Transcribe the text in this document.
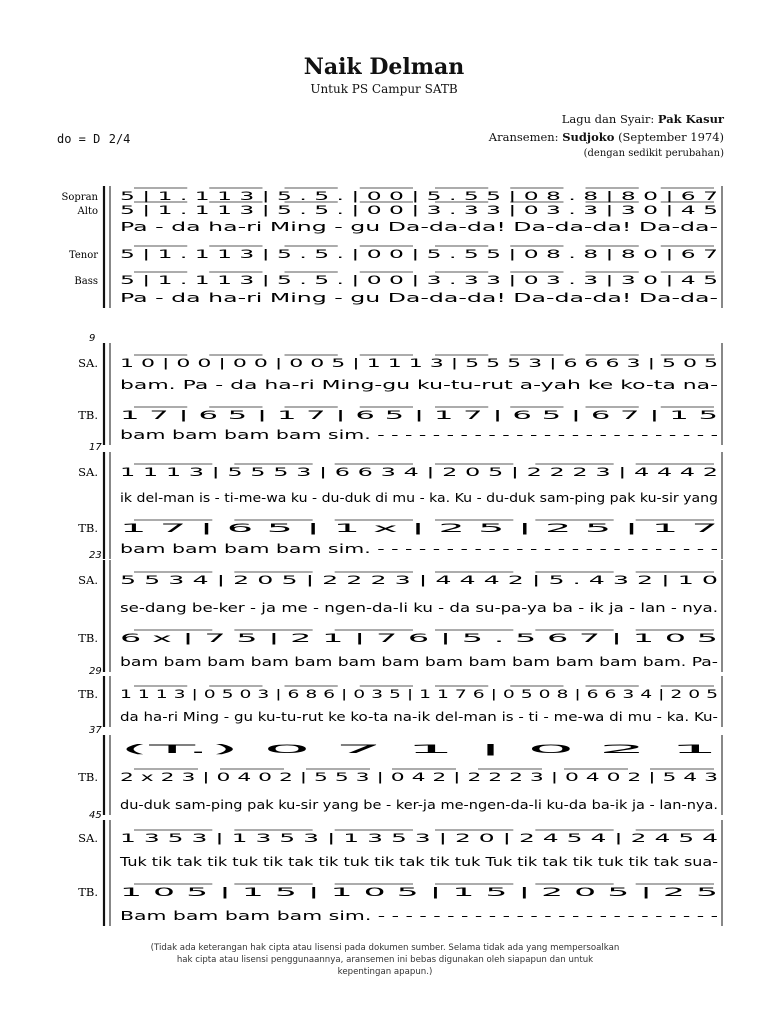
Naik Delman
Untuk PS Campur SATB
Lagu dan Syair: Pak Kasur
Aransemen: Sudjoko (September 1974)
(dengan sedikit perubahan)
do = D 2/4
Sopran 5 | 1 . 1 1 3 | 5 . 5 . | 0 0 | 5 . 5 5 | 0 8 . 8 | 8 0 | 6 7
Alto 5 | 1 . 1 1 3 | 5 . 5 . | 0 0 | 3 . 3 3 | 0 3 . 3 | 3 0 | 4 5
Pa - da ha-ri Ming - gu Da-da-da! Da-da-da! Da-da-
Tenor 5 | 1 . 1 1 3 | 5 . 5 . | 0 0 | 5 . 5 5 | 0 8 . 8 | 8 0 | 6 7
Bass 5 | 1 . 1 1 3 | 5 . 5 . | 0 0 | 3 . 3 3 | 0 3 . 3 | 3 0 | 4 5
Pa - da ha-ri Ming - gu Da-da-da! Da-da-da! Da-da-
9
SA. 1 0 | 0 0 | 0 0 | 0 0 5 | 1 1 1 3 | 5 5 5 3 | 6 6 6 3 | 5 0 5
bam. Pa - da ha-ri Ming-gu ku-tu-rut a-yah ke ko-ta na-
TB. 1 7 | 6 5 | 1 7 | 6 5 | 1 7 | 6 5 | 6 7 | 1 5
bam bam bam bam sim. - - - - - - - - - - - - - - - - - - - - - - - - -
17
SA. 1 1 1 3 | 5 5 5 3 | 6 6 3 4 | 2 0 5 | 2 2 2 3 | 4 4 4 2
ik del-man is - ti-me-wa ku - du-duk di mu - ka. Ku - du-duk sam-ping pak ku-sir yang
TB. 1 7 | 6 5 | 1 x | 2 5 | 2 5 | 1 7
bam bam bam bam sim. - - - - - - - - - - - - - - - - - - - - - - - - -
23
SA. 5 5 3 4 | 2 0 5 | 2 2 2 3 | 4 4 4 2 | 5 . 4 3 2 | 1 0
se-dang be-ker - ja me - ngen-da-li ku - da su-pa-ya ba - ik ja - lan - nya.
TB. 6 x | 7 5 | 2 1 | 7 6 | 5 . 5 6 7 | 1 0 5
bam bam bam bam bam bam bam bam bam bam bam bam bam. Pa-
29
TB. 1 1 1 3 | 0 5 0 3 | 6 8 6 | 0 3 5 | 1 1 7 6 | 0 5 0 8 | 6 6 3 4 | 2 0 5
da ha-ri Ming - gu ku-tu-rut ke ko-ta na-ik del-man is - ti - me-wa di mu - ka. Ku-
37
(T.) 0 7 1 | 0 2 1
TB. 2 x 2 3 | 0 4 0 2 | 5 5 3 | 0 4 2 | 2 2 2 3 | 0 4 0 2 | 5 4 3
du-duk sam-ping pak ku-sir yang be - ker-ja me-ngen-da-li ku-da ba-ik ja - lan-nya.
45
SA. 1 3 5 3 | 1 3 5 3 | 1 3 5 3 | 2 0 | 2 4 5 4 | 2 4 5 4
Tuk tik tak tik tuk tik tak tik tuk tik tak tik tuk Tuk tik tak tik tuk tik tak sua-
TB. 1 0 5 | 1 5 | 1 0 5 | 1 5 | 2 0 5 | 2 5
Bam bam bam bam sim. - - - - - - - - - - - - - - - - - - - - - - - - -
(Tidak ada keterangan hak cipta atau lisensi pada dokumen sumber. Selama tidak ada yang mempersoalkan hak cipta atau lisensi penggunaannya, aransemen ini bebas digunakan oleh siapapun dan untuk kepentingan apapun.)
